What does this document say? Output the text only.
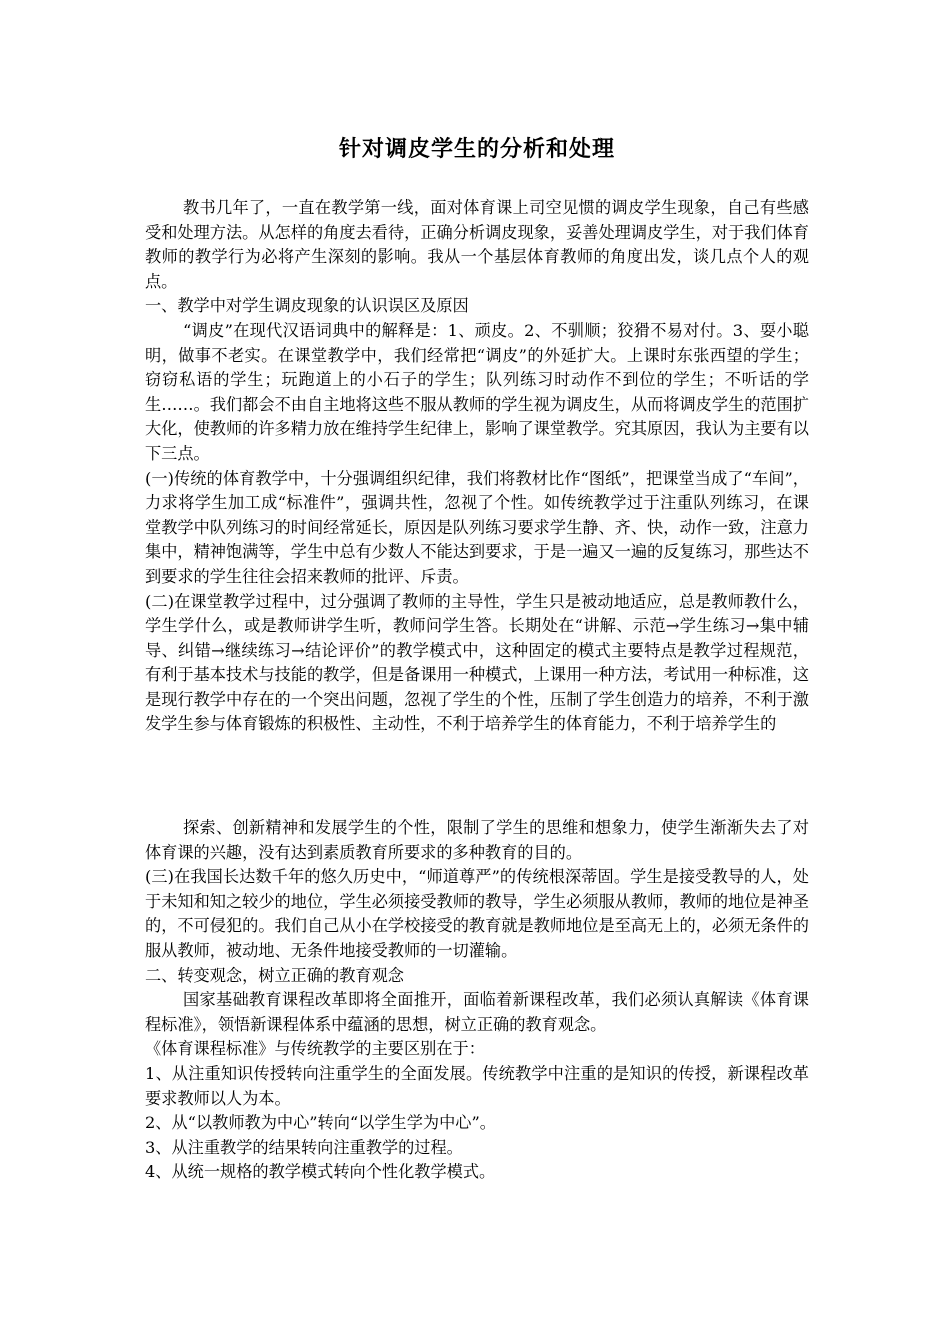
针对调皮学生的分析和处理

教书几年了，一直在教学第一线，面对体育课上司空见惯的调皮学生现象，自己有些感受和处理方法。从怎样的角度去看待，正确分析调皮现象，妥善处理调皮学生，对于我们体育教师的教学行为必将产生深刻的影响。我从一个基层体育教师的角度出发，谈几点个人的观点。

一、教学中对学生调皮现象的认识误区及原因

“调皮”在现代汉语词典中的解释是：1、顽皮。2、不驯顺；狡猾不易对付。3、耍小聪明，做事不老实。在课堂教学中，我们经常把“调皮”的外延扩大。上课时东张西望的学生；窃窃私语的学生；玩跑道上的小石子的学生；队列练习时动作不到位的学生；不听话的学生……。我们都会不由自主地将这些不服从教师的学生视为调皮生，从而将调皮学生的范围扩大化，使教师的许多精力放在维持学生纪律上，影响了课堂教学。究其原因，我认为主要有以下三点。

(一)传统的体育教学中，十分强调组织纪律，我们将教材比作“图纸”，把课堂当成了“车间”，力求将学生加工成“标准件”，强调共性，忽视了个性。如传统教学过于注重队列练习，在课堂教学中队列练习的时间经常延长，原因是队列练习要求学生静、齐、快，动作一致，注意力集中，精神饱满等，学生中总有少数人不能达到要求，于是一遍又一遍的反复练习，那些达不到要求的学生往往会招来教师的批评、斥责。

(二)在课堂教学过程中，过分强调了教师的主导性，学生只是被动地适应，总是教师教什么，学生学什么，或是教师讲学生听，教师问学生答。长期处在“讲解、示范→学生练习→集中辅导、纠错→继续练习→结论评价”的教学模式中，这种固定的模式主要特点是教学过程规范，有利于基本技术与技能的教学，但是备课用一种模式，上课用一种方法，考试用一种标准，这是现行教学中存在的一个突出问题，忽视了学生的个性，压制了学生创造力的培养，不利于激发学生参与体育锻炼的积极性、主动性，不利于培养学生的体育能力，不利于培养学生的

探索、创新精神和发展学生的个性，限制了学生的思维和想象力，使学生渐渐失去了对体育课的兴趣，没有达到素质教育所要求的多种教育的目的。

(三)在我国长达数千年的悠久历史中，“师道尊严”的传统根深蒂固。学生是接受教导的人，处于未知和知之较少的地位，学生必须接受教师的教导，学生必须服从教师，教师的地位是神圣的，不可侵犯的。我们自己从小在学校接受的教育就是教师地位是至高无上的，必须无条件的服从教师，被动地、无条件地接受教师的一切灌输。

二、转变观念，树立正确的教育观念

国家基础教育课程改革即将全面推开，面临着新课程改革，我们必须认真解读《体育课程标准》，领悟新课程体系中蕴涵的思想，树立正确的教育观念。

《体育课程标准》与传统教学的主要区别在于：

1、从注重知识传授转向注重学生的全面发展。传统教学中注重的是知识的传授，新课程改革要求教师以人为本。

2、从“以教师教为中心”转向“以学生学为中心”。

3、从注重教学的结果转向注重教学的过程。

4、从统一规格的教学模式转向个性化教学模式。
